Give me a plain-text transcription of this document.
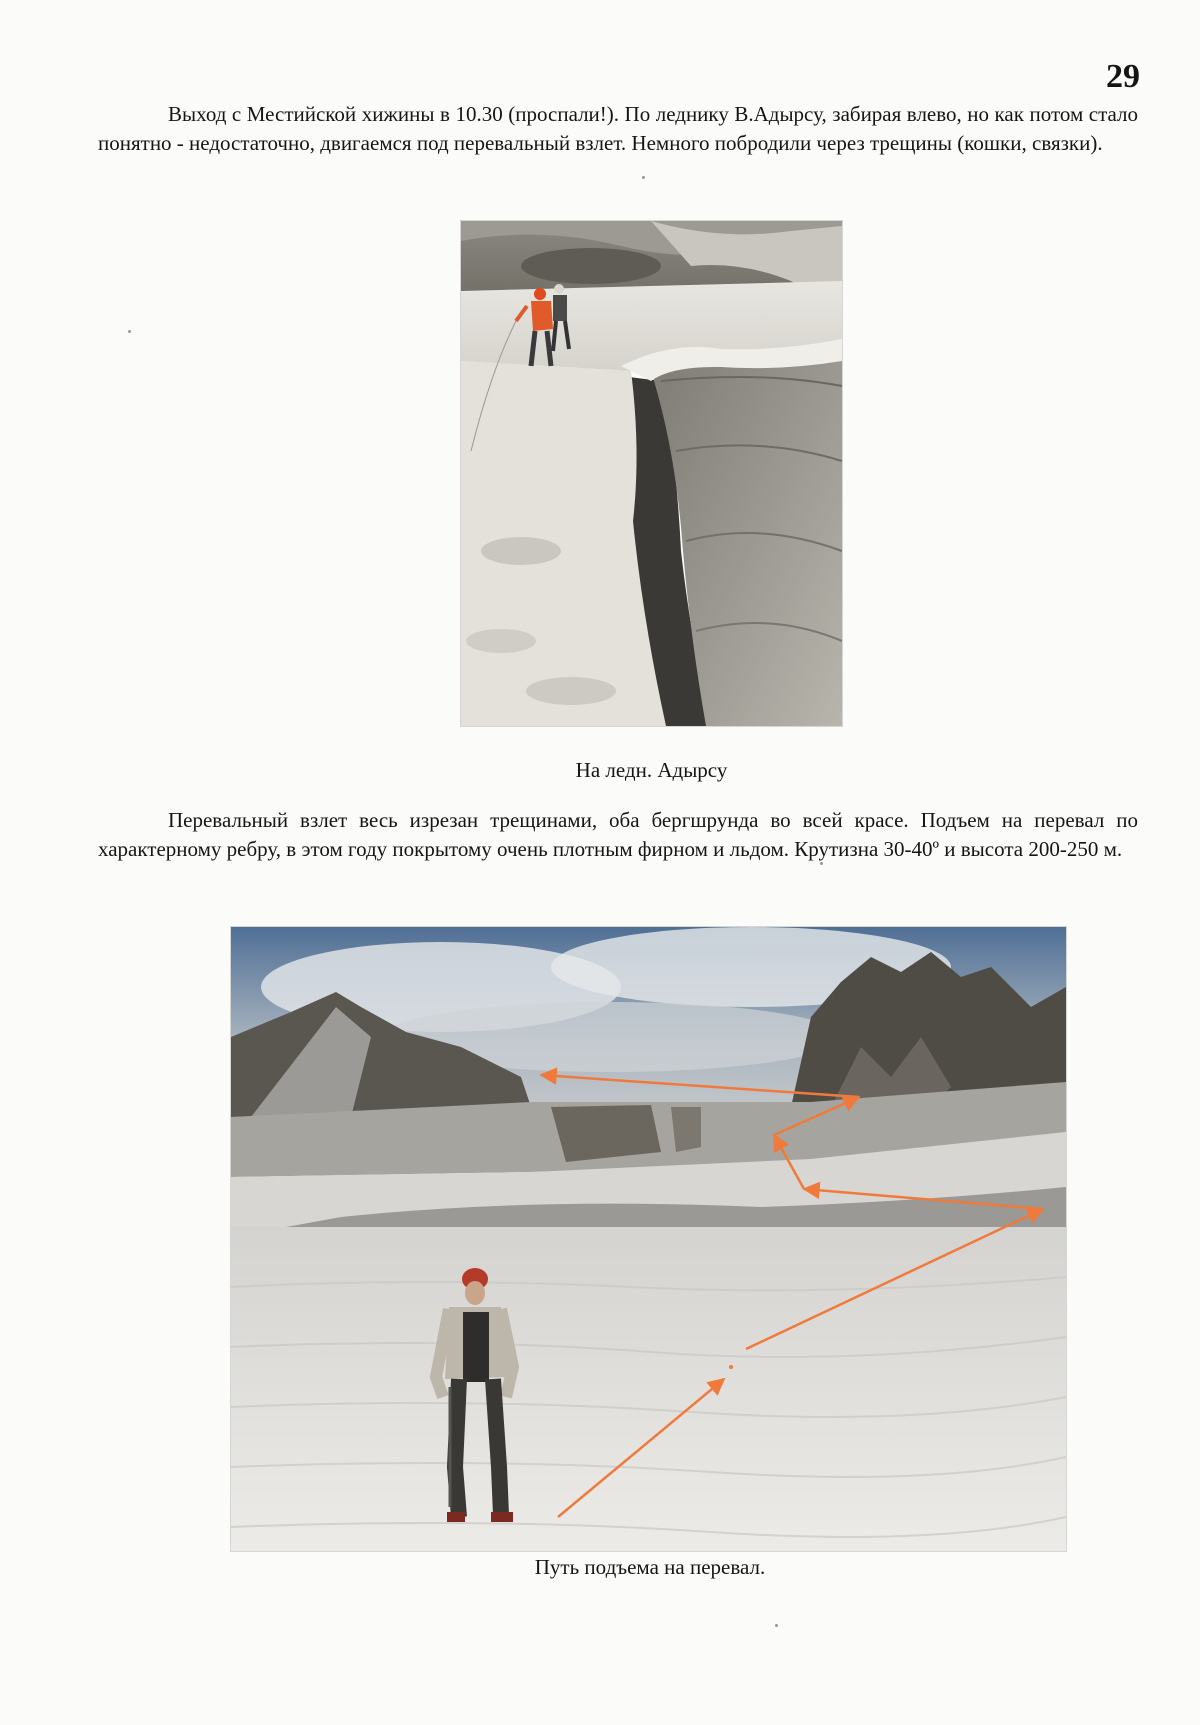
29

Выход с Местийской хижины в 10.30 (проспали!). По леднику В.Адырсу, забирая влево, но как потом стало понятно - недостаточно, двигаемся под перевальный взлет. Немного побродили через трещины (кошки, связки).

На ледн. Адырсу

Перевальный взлет весь изрезан трещинами, оба бергшрунда во всей красе. Подъем на перевал по характерному ребру, в этом году покрытому очень плотным фирном и льдом. Крутизна 30-40º и высота 200-250 м.

Путь подъема на перевал.
